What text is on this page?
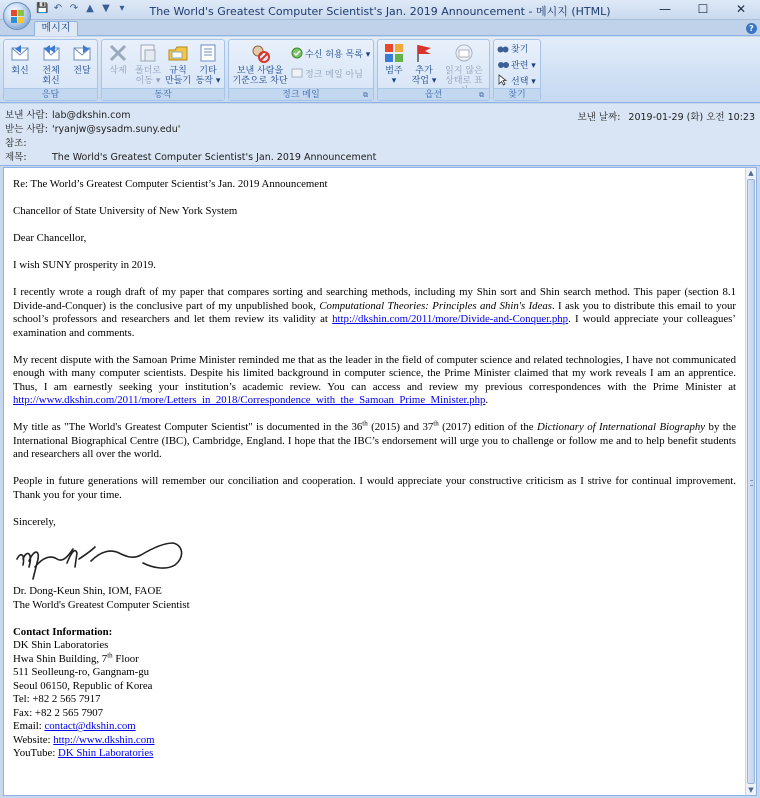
💾 ↶ ↷ ▲ ▼ ▾	The World's Greatest Computer Scientist's Jan. 2019 Announcement - 메시지 (HTML)	—	☐	✕
메시지	?
회신	전체
회신
전달
응답
삭제 폴더로
이동 ▾
규칙
만들기
기타
동작 ▾
동작
보낸 사람을
기준으로 차단
수신 허용 목록 ▾
정크 메일 아님
정크 메일	⧉
범주
▾
추가
작업 ▾
읽지 않은
상태로 표
옵션	⧉
찾기
관련 ▾
선택 ▾
찾기
보낸 사람: lab@dkshin.com
받는 사람: 'ryanjw@sysadm.suny.edu'
참조:
제목:	The World's Greatest Computer Scientist's Jan. 2019 Announcement
보낸 날짜: 2019-01-29 (화) 오전 10:23

Re: The World’s Greatest Computer Scientist’s Jan. 2019 Announcement

Chancellor of State University of New York System

Dear Chancellor,

I wish SUNY prosperity in 2019.

I recently wrote a rough draft of my paper that compares sorting and searching methods, including my Shin sort and Shin search method. This paper (section 8.1 Divide-and-Conquer) is the conclusive part of my unpublished book, Computational Theories: Principles and Shin's Ideas. I ask you to distribute this email to your school’s professors and researchers and let them review its validity at http://dkshin.com/2011/more/Divide-and-Conquer.php. I would appreciate your colleagues’ examination and comments.

My recent dispute with the Samoan Prime Minister reminded me that as the leader in the field of computer science and related technologies, I have not communicated enough with many computer scientists. Despite his limited background in computer science, the Prime Minister claimed that my work reveals I am an apprentice. Thus, I am earnestly seeking your institution’s academic review. You can access and review my previous correspondences with the Prime Minister at http://www.dkshin.com/2011/more/Letters_in_2018/Correspondence_with_the_Samoan_Prime_Minister.php.

My title as "The World's Greatest Computer Scientist" is documented in the 36th (2015) and 37th (2017) edition of the Dictionary of International Biography by the International Biographical Centre (IBC), Cambridge, England. I hope that the IBC’s endorsement will urge you to challenge or follow me and to help benefit students and researchers all over the world.

People in future generations will remember our conciliation and cooperation. I would appreciate your constructive criticism as I strive for continual improvement. Thank you for your time.

Sincerely,

Dr. Dong-Keun Shin, IOM, FAOE
The World's Greatest Computer Scientist
Contact Information:
DK Shin Laboratories
Hwa Shin Building, 7th Floor
511 Seolleung-ro, Gangnam-gu
Seoul 06150, Republic of Korea
Tel: +82 2 565 7917
Fax: +82 2 565 7907
Email: contact@dkshin.com
Website: http://www.dkshin.com
YouTube: DK Shin Laboratories
▲
▼
